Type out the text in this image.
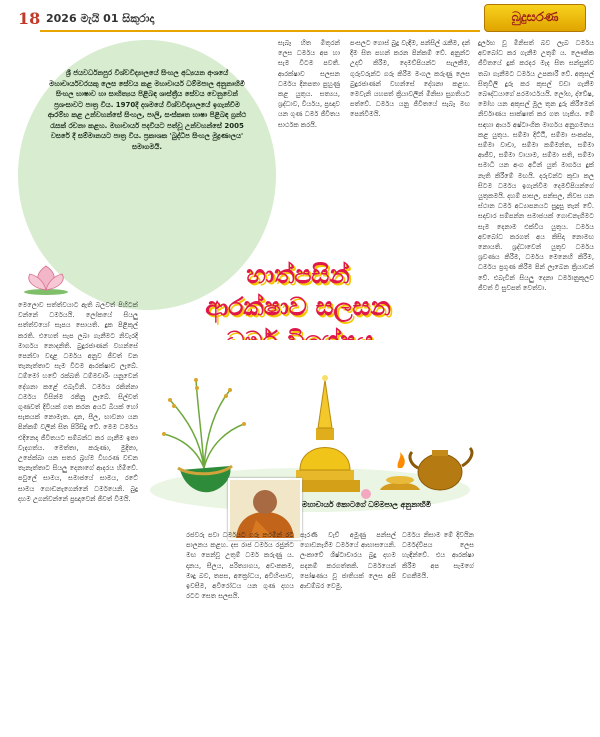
18 2026 මැයි 01 සිකුරාදා	බුදුසරණ
ශ්‍රී ජයවර්ධනපුර විශ්වවිද්‍යාලයේ සිංහල අධ්‍යයන අංශයේ මහාචාර්යවරයකු ලෙස සේවය කළ මහාචාර්ය ධම්මපාල අනුනාහිමි සිංහල භාෂාව හා සාහිත්‍යය පිළිබඳ ශාස්ත්‍රීය සේවය වෙනුවෙන් ප්‍රශංසාවට පාත්‍ර විය. 1970දී දශමයේ විශ්වවිද්‍යාලයේ ඉගැන්වීම ආරම්භ කළ උන්වහන්සේ සිංහල, පාලි, සංස්කෘත භාෂා පිළිබඳ ග්‍රන්ථ රැසක් රචනා කළහ. මහාචාර්ය පදවියට පත්වූ උන්වහන්සේ 2005 වසරේ දී සම්මානයට පාත්‍ර විය. ප්‍රකාශක 'බුද්ධිප සිංහල මුද්‍රණාලය' සමාගමයි.
සැබෑ හිත මිතුරන් ලෙස ධර්මය අප හා සැම විටම පවතී. ආරක්ෂාව සලසන ධර්මය දිනපතා පුහුණු කළ යුතුය. සත්‍යය, ශ්‍රද්ධාව, වීර්යය, ප්‍රඥාව යන ගුණ ධර්ම ජීවිතය සාර්ථක කරයි.
පංසලට ගොස් බුදු වැඳීම, පන්සිල් රැකීම, දන් දීම සිත පහන් කරන පින්කම් වේ. අනුන්ට උදව් කිරීම, දෙමව්පියන්ට සැලකීම, ගුරුවරුන්ට ගරු කිරීම මංගල කරුණු ලෙස බුදුරජාණන් වහන්සේ දේශනා කළහ. මෙවැනි යහපත් ක්‍රියාවලින් මිනිසා සුගතියට පත්වේ. ධර්මය යනු ජීවිතයේ සැබෑ මඟ පෙන්වීමයි.
දුර්ලභ වූ මිනිසත් බව ලැබ ධර්මය අවබෝධ කර ගැනීම උතුම් ය. ලෞකික ජීවිතයේ දුක් කරදර මැද සිත සන්සුන්ව තබා ගැනීමට ධර්මය උපකාරී වේ. අකුසල් සිතුවිලි දුරු කර කුසල් වඩා ගැනීම බෞද්ධයාගේ පරමාර්ථයයි. ලෝභ, ද්වේෂ, මෝහ යන අකුසල් මූල තුන දුරු කිරීමෙන් නිර්වාණය සාක්ෂාත් කර ගත හැකිය. මේ සඳහා ආර්ය අෂ්ටාංගික මාර්ගය අනුගමනය කළ යුතුය. සම්මා දිට්ඨි, සම්මා සංකප්ප, සම්මා වාචා, සම්මා කම්මන්ත, සම්මා ආජීව, සම්මා වායාම, සම්මා සති, සම්මා සමාධි යන අංග අටින් යුත් මාර්ගය දුක් නැති කිරීමේ මඟයි. දරුවන්ට කුඩා කල සිටම ධර්මය ඉගැන්වීම දෙමව්පියන්ගේ යුතුකමයි. දහම් පාසල, පන්සල, නිවස යන ස්ථාන ධර්ම අධ්‍යාපනයට සුදුසු තැන් වේ. සදාචාර සම්පන්න සමාජයක් ගොඩනැගීමට සැම දෙනාම එක්විය යුතුය. ධර්මය අවබෝධ කරගත් අය කිසිදා නොමඟ නොයති. ශ්‍රද්ධාවෙන් යුතුව ධර්මය ශ්‍රවණය කිරීම, ධර්මය මෙනෙහි කිරීම, ධර්මය ප්‍රගුණ කිරීම පින් ලැබෙන ක්‍රියාවන් වේ. එබැවින් සියලු දෙනා ධර්මානුකූලව ජීවත් වී සුවපත් වෙත්වා.
මෙලොව සත්ත්වයාට ඇති බලවත් පිහිටක් වන්නේ ධර්මයයි. ලෝකයේ සියලු සත්ත්වයෝ සැපය සොයති. දුක පිළිකුල් කරති. එහෙත් සැප ලබා ගැනීමට නිවැරදි මාර්ගය නොදනිති. බුදුරජාණන් වහන්සේ පෙන්වා වදාළ ධර්මය අනුව ජීවත් වන තැනැත්තාට සැම විටම ආරක්ෂාව ලැබේ. ධම්මෝ හවේ රක්ඛති ධම්මචාරිං යනුවෙන් දේශනා කළේ එබැවිනි. ධර්මය රකින්නා ධර්මය විසින්ම රකිනු ලැබේ. සිල්වත් ගුණවත් දිවියක් ගත කරන අයට බියක් හෝ සැකයක් නොමැත. දාන, සීල, භාවනා යන පින්කම් වලින් සිත පිරිසිදු වේ. මෙම ධර්මය එදිනෙදා ජීවිතයට සම්බන්ධ කර ගැනීම ඉතා වැදගත්ය. මෙත්තා, කරුණා, මුදිතා, උපේක්ඛා යන සතර බ්‍රහ්ම විහරණ වඩන තැනැත්තාට සියලු දෙනාගේ ආදරය හිමිවේ. පවුලේ සාමය, සමාජයේ සාමය, රටේ සාමය ගොඩනැගෙන්නේ ධර්මයෙනි. බුදු දහම උගන්වන්නේ ප්‍රඥාවෙන් ජීවත් වීමයි.
හාත්පසින්
ආරක්ෂාව සලසන
මහාචාර්ය කොටගේ ධම්මපාල අනුනාහිමි
රජවරු පවා ධර්මයට ගරු කරමින් රට පාලනය කළහ. දස රාජ ධර්මය රජුන්ට මඟ පෙන්වූ උතුම් ධර්ම කරුණු ය. දානය, සීලය, පරිත්‍යාගය, අවංකකම, මෘදු බව, තපස, අක්‍රෝධය, අවිහිංසාව, ඉවසීම, අවිරෝධය යන ගුණ දහය රටට සෙත සලසයි.
පැරණි වැව් අමුණු පන්සල් ගොඩනැගීම ධර්මයේ ආභාසයෙනි. ලංකාවේ ශිෂ්ටාචාරය බුදු දහම පදනම් කරගත්තකි. ධර්මයෙන් පෝෂණය වූ ජාතියක් ලෙස අපි ආඩම්බර වෙමු.
ධර්මය නිසාම මේ දිවයින ධර්මද්වීපය ලෙස හැඳින්වේ. එය ආරක්ෂා කිරීම අප සැමගේ වගකීමයි.
